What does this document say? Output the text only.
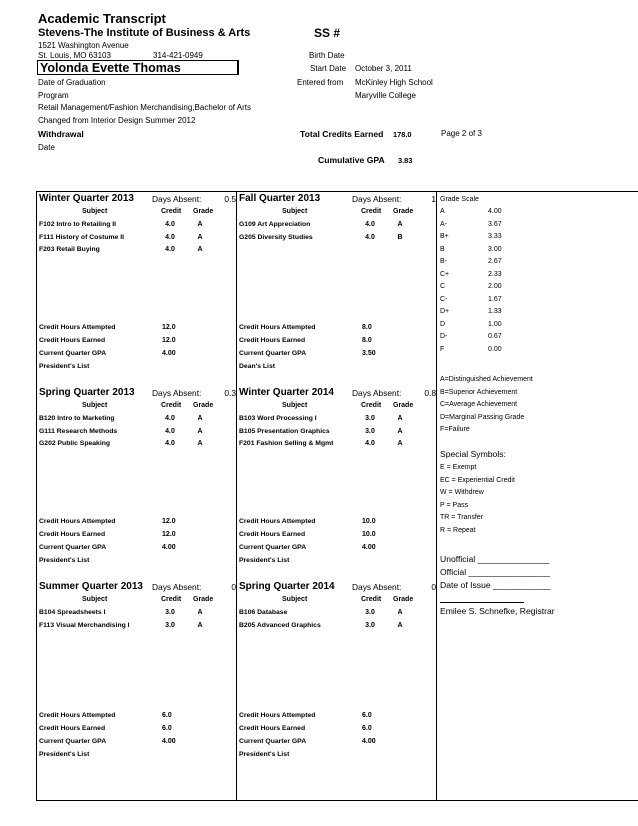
Academic Transcript
Stevens-The Institute of Business & Arts	SS #
1521 Washington Avenue
St. Louis, MO 63103	314-421-0949	Birth Date
Yolonda Evette Thomas	Start Date October 3, 2011
Date of Graduation	Entered from McKinley High School
Program	Maryville College
Retail Management/Fashion Merchandising,Bachelor of Arts
Changed from Interior Design Summer 2012
Withdrawal	Total Credits Earned 178.0	Page 2 of 3
Date
Cumulative GPA 3.83
Winter Quarter 2013 Days Absent:	0.5
Subject	Credit Grade
F102 Intro to Retailing II	4.0	A
F111 History of Costume II	4.0	A
F203 Retail Buying	4.0	A
Credit Hours Attempted	12.0
Credit Hours Earned	12.0
Current Quarter GPA	4.00
President's List
Fall Quarter 2013	Days Absent:	1
Subject	Credit Grade
G109 Art Appreciation	4.0	A
G205 Diversity Studies	4.0	B
Credit Hours Attempted	8.0
Credit Hours Earned	8.0
Current Quarter GPA	3.50
Dean's List
Spring Quarter 2013 Days Absent:	0.3
Subject	Credit Grade
B120 Intro to Marketing	4.0	A
G111 Research Methods	4.0	A
G202 Public Speaking	4.0	A
Credit Hours Attempted	12.0
Credit Hours Earned	12.0
Current Quarter GPA	4.00
President's List
Winter Quarter 2014 Days Absent:	0.8
Subject	Credit Grade
B103 Word Processing I	3.0	A
B105 Presentation Graphics	3.0	A
F201 Fashion Selling & Mgmt	4.0	A
Credit Hours Attempted	10.0
Credit Hours Earned	10.0
Current Quarter GPA	4.00
President's List
Summer Quarter 2013 Days Absent:	0
Subject	Credit Grade
B104 Spreadsheets I	3.0	A
F113 Visual Merchandising I	3.0	A
Credit Hours Attempted	6.0
Credit Hours Earned	6.0
Current Quarter GPA	4.00
President's List
Spring Quarter 2014 Days Absent:	0
Subject	Credit Grade
B106 Database	3.0	A
B205 Advanced Graphics	3.0	A
Credit Hours Attempted	6.0
Credit Hours Earned	6.0
Current Quarter GPA	4.00
President's List
Grade Scale
A	4.00
A-	3.67
B+	3.33
B	3.00
B-	2.67
C+	2.33
C	2.00
C-	1.67
D+	1.33
D	1.00
D-	0.67
F	0.00
A=Distinguished Achievement
B=Superior Achievement
C=Average Achievement
D=Marginal Passing Grade
F=Failure
Special Symbols:
E = Exempt
EC = Experiential Credit
W = Withdrew
P = Pass
TR = Transfer
R = Repeat
Unofficial _______________
Official _________________
Date of Issue ____________
Emilee S. Schnefke, Registrar
